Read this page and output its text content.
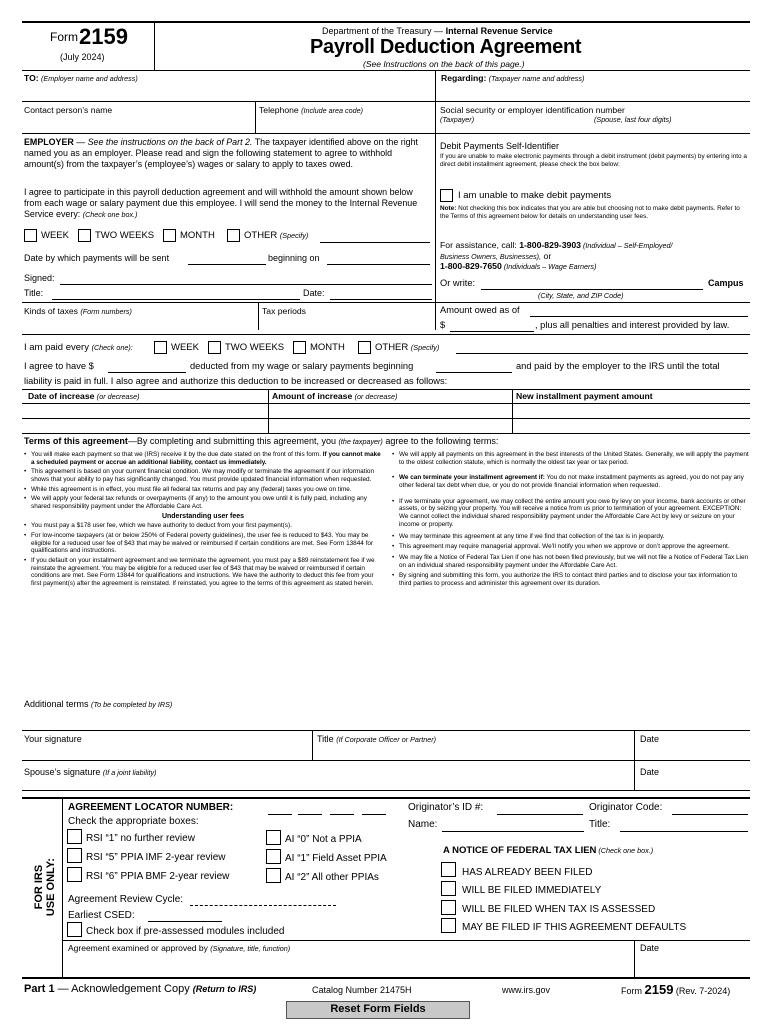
Form 2159
(July 2024)
Department of the Treasury — Internal Revenue Service
Payroll Deduction Agreement
(See Instructions on the back of this page.)
TO: (Employer name and address)	Regarding: (Taxpayer name and address)
Contact person’s name	Telephone (Include area code)	Social security or employer identification number
(Taxpayer)	(Spouse, last four digits)
EMPLOYER — See the instructions on the back of Part 2. The taxpayer identified above on the right named you as an employer. Please read and sign the following statement to agree to withhold amount(s) from the taxpayer’s (employee’s) wages or salary to apply to taxes owed.
I agree to participate in this payroll deduction agreement and will withhold the amount shown below from each wage or salary payment due this employee. I will send the money to the Internal Revenue Service every: (Check one box.)
WEEK	TWO WEEKS	MONTH	OTHER (Specify)
Date by which payments will be sent	beginning on
Signed:
Title:	Date:
Debit Payments Self-Identifier
If you are unable to make electronic payments through a debit instrument (debit payments) by entering into a direct debit installment agreement, please check the box below:
I am unable to make debit payments
Note: Not checking this box indicates that you are able but choosing not to make debit payments. Refer to the Terms of this agreement below for details on understanding user fees.
For assistance, call: 1-800-829-3903 (Individual – Self-Employed/
Business Owners, Businesses), or
1-800-829-7650 (Individuals – Wage Earners)
Or write:	Campus
(City, State, and ZIP Code)
Kinds of taxes (Form numbers)	Tax periods	Amount owed as of
$	, plus all penalties and interest provided by law.
I am paid every (Check one):	WEEK	TWO WEEKS	MONTH	OTHER (Specify)
I agree to have $	deducted from my wage or salary payments beginning	and paid by the employer to the IRS until the total
liability is paid in full. I also agree and authorize this deduction to be increased or decreased as follows:
Date of increase (or decrease)	Amount of increase (or decrease)	New installment payment amount
Terms of this agreement—By completing and submitting this agreement, you (the taxpayer) agree to the following terms:
• You will make each payment so that we (IRS) receive it by the due date stated on the front of this form. If you cannot make a scheduled payment or accrue an additional liability, contact us immediately.
• This agreement is based on your current financial condition. We may modify or terminate the agreement if our information shows that your ability to pay has significantly changed. You must provide updated financial information when requested.
• While this agreement is in effect, you must file all federal tax returns and pay any (federal) taxes you owe on time.
• We will apply your federal tax refunds or overpayments (if any) to the amount you owe until it is fully paid, including any shared responsibility payment under the Affordable Care Act.
Understanding user fees
• You must pay a $178 user fee, which we have authority to deduct from your first payment(s).
• For low-income taxpayers (at or below 250% of Federal poverty guidelines), the user fee is reduced to $43. You may be eligible for a reduced user fee of $43 that may be waived or reimbursed if certain conditions are met. See Form 13844 for qualifications and instructions.
• If you default on your installment agreement and we terminate the agreement, you must pay a $89 reinstatement fee if we reinstate the agreement. You may be eligible for a reduced user fee of $43 that may be waived or reimbursed if certain conditions are met. See Form 13844 for qualifications and instructions. We have the authority to deduct this fee from your first payment(s) after the agreement is reinstated. If reinstated, you agree to the terms of this agreement as stated herein.
• We will apply all payments on this agreement in the best interests of the United States. Generally, we will apply the payment to the oldest collection statute, which is normally the oldest tax year or tax period.
• We can terminate your installment agreement if: You do not make installment payments as agreed, you do not pay any other federal tax debt when due, or you do not provide financial information when requested.
• If we terminate your agreement, we may collect the entire amount you owe by levy on your income, bank accounts or other assets, or by seizing your property. You will receive a notice from us prior to termination of your agreement. EXCEPTION: We cannot collect the individual shared responsibility payment under the Affordable Care Act by levy or seizure on your income or property.
• We may terminate this agreement at any time if we find that collection of the tax is in jeopardy.
• This agreement may require managerial approval. We’ll notify you when we approve or don’t approve the agreement.
• We may file a Notice of Federal Tax Lien if one has not been filed previously, but we will not file a Notice of Federal Tax Lien on an individual shared responsibility payment under the Affordable Care Act.
• By signing and submitting this form, you authorize the IRS to contact third parties and to disclose your tax information to third parties to process and administer this agreement over its duration.
Additional terms (To be completed by IRS)
Your signature	Title (If Corporate Officer or Partner)	Date
Spouse’s signature (If a joint liability)	Date
FOR IRS
USE ONLY:
AGREEMENT LOCATOR NUMBER:
Check the appropriate boxes:
RSI “1” no further review
RSI “5” PPIA IMF 2-year review
RSI “6” PPIA BMF 2-year review
AI “0” Not a PPIA
AI “1” Field Asset PPIA
AI “2” All other PPIAs
Agreement Review Cycle:
Earliest CSED:
Check box if pre-assessed modules included
Originator’s ID #:	Originator Code:
Name:	Title:
A NOTICE OF FEDERAL TAX LIEN (Check one box.)
HAS ALREADY BEEN FILED
WILL BE FILED IMMEDIATELY
WILL BE FILED WHEN TAX IS ASSESSED
MAY BE FILED IF THIS AGREEMENT DEFAULTS
Agreement examined or approved by (Signature, title, function)	Date
Part 1 — Acknowledgement Copy (Return to IRS)	Catalog Number 21475H	www.irs.gov	Form 2159 (Rev. 7-2024)
Reset Form Fields
